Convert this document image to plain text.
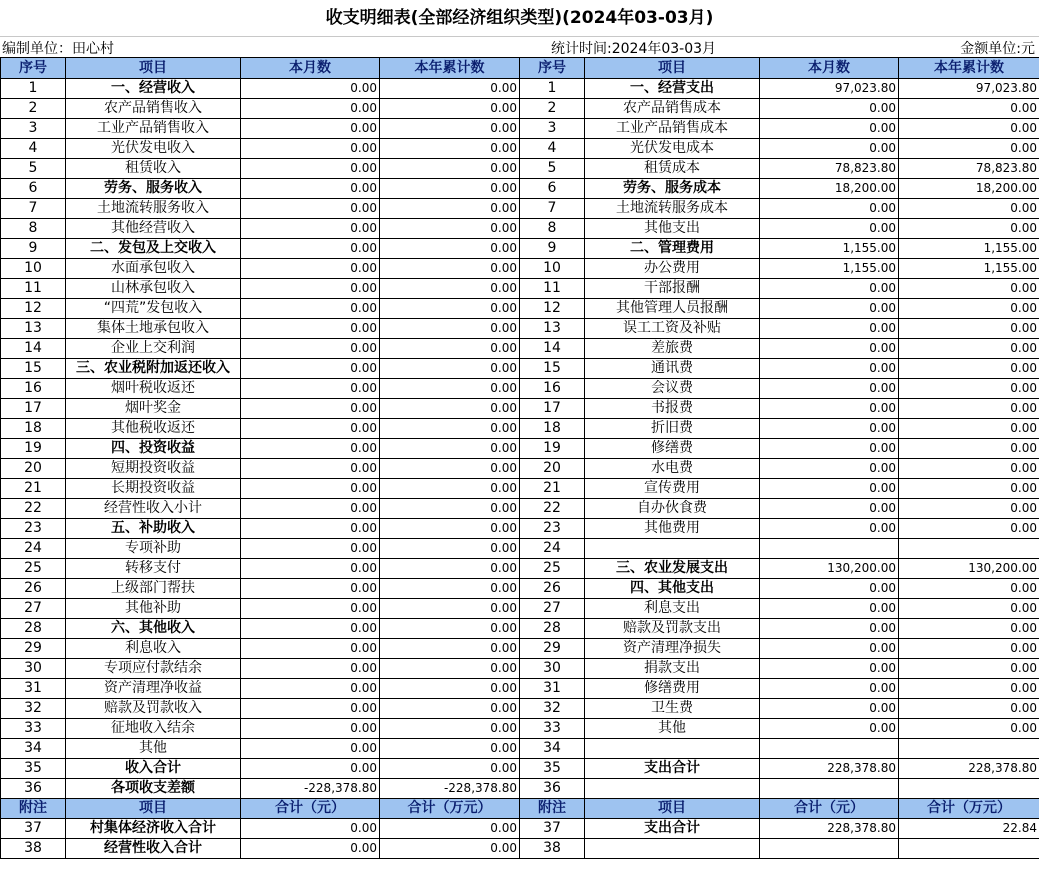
收支明细表(全部经济组织类型)(2024年03-03月)
编制单位：田心村	统计时间:2024年03-03月	金额单位:元
序号	项目	本月数	本年累计数	序号	项目	本月数	本年累计数
1	一、经营收入	0.00	0.00	1	一、经营支出	97,023.80	97,023.80
2	农产品销售收入	0.00	0.00	2	农产品销售成本	0.00	0.00
3	工业产品销售收入	0.00	0.00	3	工业产品销售成本	0.00	0.00
4	光伏发电收入	0.00	0.00	4	光伏发电成本	0.00	0.00
5	租赁收入	0.00	0.00	5	租赁成本	78,823.80	78,823.80
6	劳务、服务收入	0.00	0.00	6	劳务、服务成本	18,200.00	18,200.00
7	土地流转服务收入	0.00	0.00	7	土地流转服务成本	0.00	0.00
8	其他经营收入	0.00	0.00	8	其他支出	0.00	0.00
9	二、发包及上交收入	0.00	0.00	9	二、管理费用	1,155.00	1,155.00
10	水面承包收入	0.00	0.00	10	办公费用	1,155.00	1,155.00
11	山林承包收入	0.00	0.00	11	干部报酬	0.00	0.00
12	“四荒”发包收入	0.00	0.00	12	其他管理人员报酬	0.00	0.00
13	集体土地承包收入	0.00	0.00	13	误工工资及补贴	0.00	0.00
14	企业上交利润	0.00	0.00	14	差旅费	0.00	0.00
15	三、农业税附加返还收入	0.00	0.00	15	通讯费	0.00	0.00
16	烟叶税收返还	0.00	0.00	16	会议费	0.00	0.00
17	烟叶奖金	0.00	0.00	17	书报费	0.00	0.00
18	其他税收返还	0.00	0.00	18	折旧费	0.00	0.00
19	四、投资收益	0.00	0.00	19	修缮费	0.00	0.00
20	短期投资收益	0.00	0.00	20	水电费	0.00	0.00
21	长期投资收益	0.00	0.00	21	宣传费用	0.00	0.00
22	经营性收入小计	0.00	0.00	22	自办伙食费	0.00	0.00
23	五、补助收入	0.00	0.00	23	其他费用	0.00	0.00
24	专项补助	0.00	0.00	24			
25	转移支付	0.00	0.00	25	三、农业发展支出	130,200.00	130,200.00
26	上级部门帮扶	0.00	0.00	26	四、其他支出	0.00	0.00
27	其他补助	0.00	0.00	27	利息支出	0.00	0.00
28	六、其他收入	0.00	0.00	28	赔款及罚款支出	0.00	0.00
29	利息收入	0.00	0.00	29	资产清理净损失	0.00	0.00
30	专项应付款结余	0.00	0.00	30	捐款支出	0.00	0.00
31	资产清理净收益	0.00	0.00	31	修缮费用	0.00	0.00
32	赔款及罚款收入	0.00	0.00	32	卫生费	0.00	0.00
33	征地收入结余	0.00	0.00	33	其他	0.00	0.00
34	其他	0.00	0.00	34			
35	收入合计	0.00	0.00	35	支出合计	228,378.80	228,378.80
36	各项收支差额	-228,378.80	-228,378.80	36			
附注	项目	合计（元）	合计（万元）	附注	项目	合计（元）	合计（万元）
37	村集体经济收入合计	0.00	0.00	37	支出合计	228,378.80	22.84
38	经营性收入合计	0.00	0.00	38			
